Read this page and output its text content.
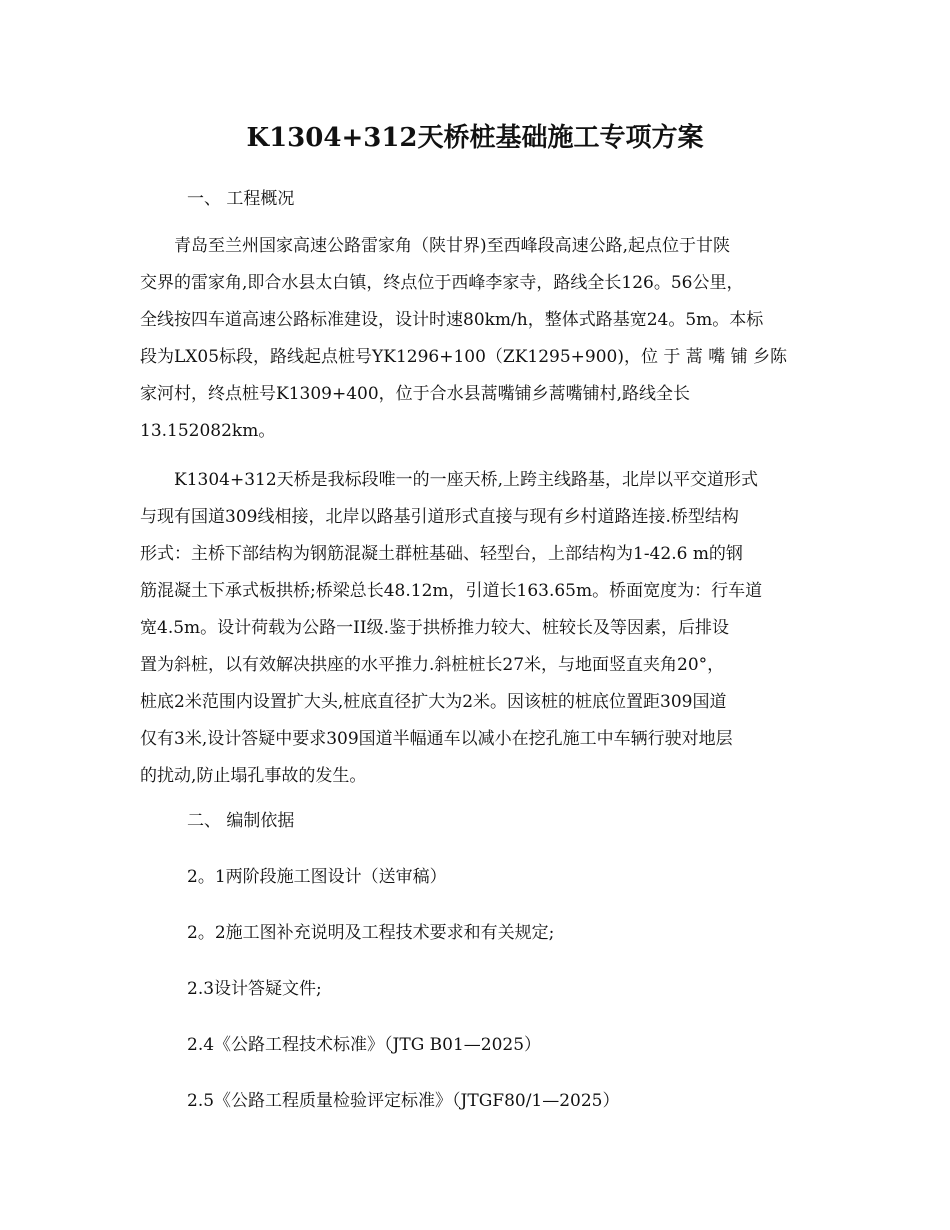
K1304+312天桥桩基础施工专项方案
一、 工程概况
　　青岛至兰州国家高速公路雷家角（陕甘界)至西峰段高速公路,起点位于甘陕
交界的雷家角,即合水县太白镇，终点位于西峰李家寺，路线全长126。56公里，
全线按四车道高速公路标准建设，设计时速80km/h，整体式路基宽24。5m。本标
段为LX05标段，路线起点桩号YK1296+100（ZK1295+900)，位 于 蒿 嘴 铺 乡陈
家河村，终点桩号K1309+400，位于合水县蒿嘴铺乡蒿嘴铺村,路线全长
13.152082km。
　　K1304+312天桥是我标段唯一的一座天桥,上跨主线路基，北岸以平交道形式
与现有国道309线相接，北岸以路基引道形式直接与现有乡村道路连接.桥型结构
形式：主桥下部结构为钢筋混凝土群桩基础、轻型台，上部结构为1-42.6 m的钢
筋混凝土下承式板拱桥;桥梁总长48.12m，引道长163.65m。桥面宽度为：行车道
宽4.5m。设计荷载为公路一II级.鉴于拱桥推力较大、桩较长及等因素，后排设
置为斜桩，以有效解决拱座的水平推力.斜桩桩长27米，与地面竖直夹角20°，
桩底2米范围内设置扩大头,桩底直径扩大为2米。因该桩的桩底位置距309国道
仅有3米,设计答疑中要求309国道半幅通车以减小在挖孔施工中车辆行驶对地层
的扰动,防止塌孔事故的发生。
二、 编制依据
2。1两阶段施工图设计（送审稿）
2。2施工图补充说明及工程技术要求和有关规定;
2.3设计答疑文件;
2.4《公路工程技术标准》（JTG B01—2025）
2.5《公路工程质量检验评定标准》（JTGF80/1—2025）
